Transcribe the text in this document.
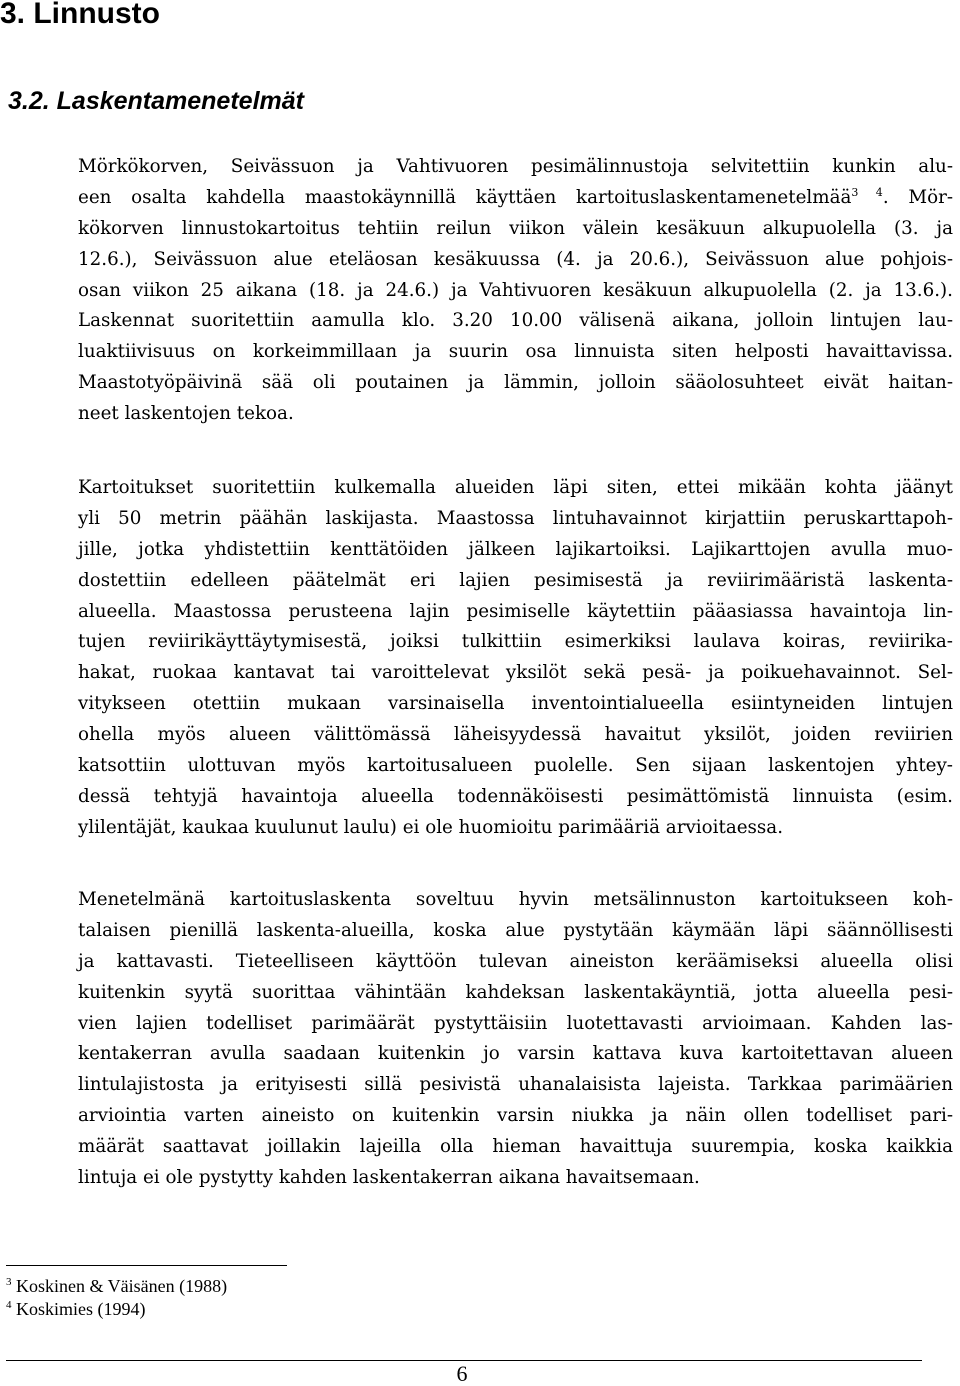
3. Linnusto
3.2. Laskentamenetelmät
Mörkökorven, Seivässuon ja Vahtivuoren pesimälinnustoja selvitettiin kunkin alu-
een osalta kahdella maastokäynnillä käyttäen kartoituslaskentamenetelmää$^{3 4}$. Mör-
kökorven linnustokartoitus tehtiin reilun viikon välein kesäkuun alkupuolella (3. ja
12.6.), Seivässuon alue eteläosan kesäkuussa (4. ja 20.6.), Seivässuon alue pohjois-
osan viikon 25 aikana (18. ja 24.6.) ja Vahtivuoren kesäkuun alkupuolella (2. ja 13.6.).
Laskennat suoritettiin aamulla klo. 3.20 10.00 välisenä aikana, jolloin lintujen lau-
luaktiivisuus on korkeimmillaan ja suurin osa linnuista siten helposti havaittavissa.
Maastotyöpäivinä sää oli poutainen ja lämmin, jolloin sääolosuhteet eivät haitan-
neet laskentojen tekoa.
Kartoitukset suoritettiin kulkemalla alueiden läpi siten, ettei mikään kohta jäänyt
yli 50 metrin päähän laskijasta. Maastossa lintuhavainnot kirjattiin peruskarttapoh-
jille, jotka yhdistettiin kenttätöiden jälkeen lajikartoiksi. Lajikarttojen avulla muo-
dostettiin edelleen päätelmät eri lajien pesimisestä ja reviirimääristä laskenta-
alueella. Maastossa perusteena lajin pesimiselle käytettiin pääasiassa havaintoja lin-
tujen reviirikäyttäytymisestä, joiksi tulkittiin esimerkiksi laulava koiras, reviirika-
hakat, ruokaa kantavat tai varoittelevat yksilöt sekä pesä- ja poikuehavainnot. Sel-
vitykseen otettiin mukaan varsinaisella inventointialueella esiintyneiden lintujen
ohella myös alueen välittömässä läheisyydessä havaitut yksilöt, joiden reviirien
katsottiin ulottuvan myös kartoitusalueen puolelle. Sen sijaan laskentojen yhtey-
dessä tehtyjä havaintoja alueella todennäköisesti pesimättömistä linnuista (esim.
ylilentäjät, kaukaa kuulunut laulu) ei ole huomioitu parimääriä arvioitaessa.
Menetelmänä kartoituslaskenta soveltuu hyvin metsälinnuston kartoitukseen koh-
talaisen pienillä laskenta-alueilla, koska alue pystytään käymään läpi säännöllisesti
ja kattavasti. Tieteelliseen käyttöön tulevan aineiston keräämiseksi alueella olisi
kuitenkin syytä suorittaa vähintään kahdeksan laskentakäyntiä, jotta alueella pesi-
vien lajien todelliset parimäärät pystyttäisiin luotettavasti arvioimaan. Kahden las-
kentakerran avulla saadaan kuitenkin jo varsin kattava kuva kartoitettavan alueen
lintulajistosta ja erityisesti sillä pesivistä uhanalaisista lajeista. Tarkkaa parimäärien
arviointia varten aineisto on kuitenkin varsin niukka ja näin ollen todelliset pari-
määrät saattavat joillakin lajeilla olla hieman havaittuja suurempia, koska kaikkia
lintuja ei ole pystytty kahden laskentakerran aikana havaitsemaan.

$^3$ Koskinen & Väisänen (1988)

$^4$ Koskimies (1994)

6
